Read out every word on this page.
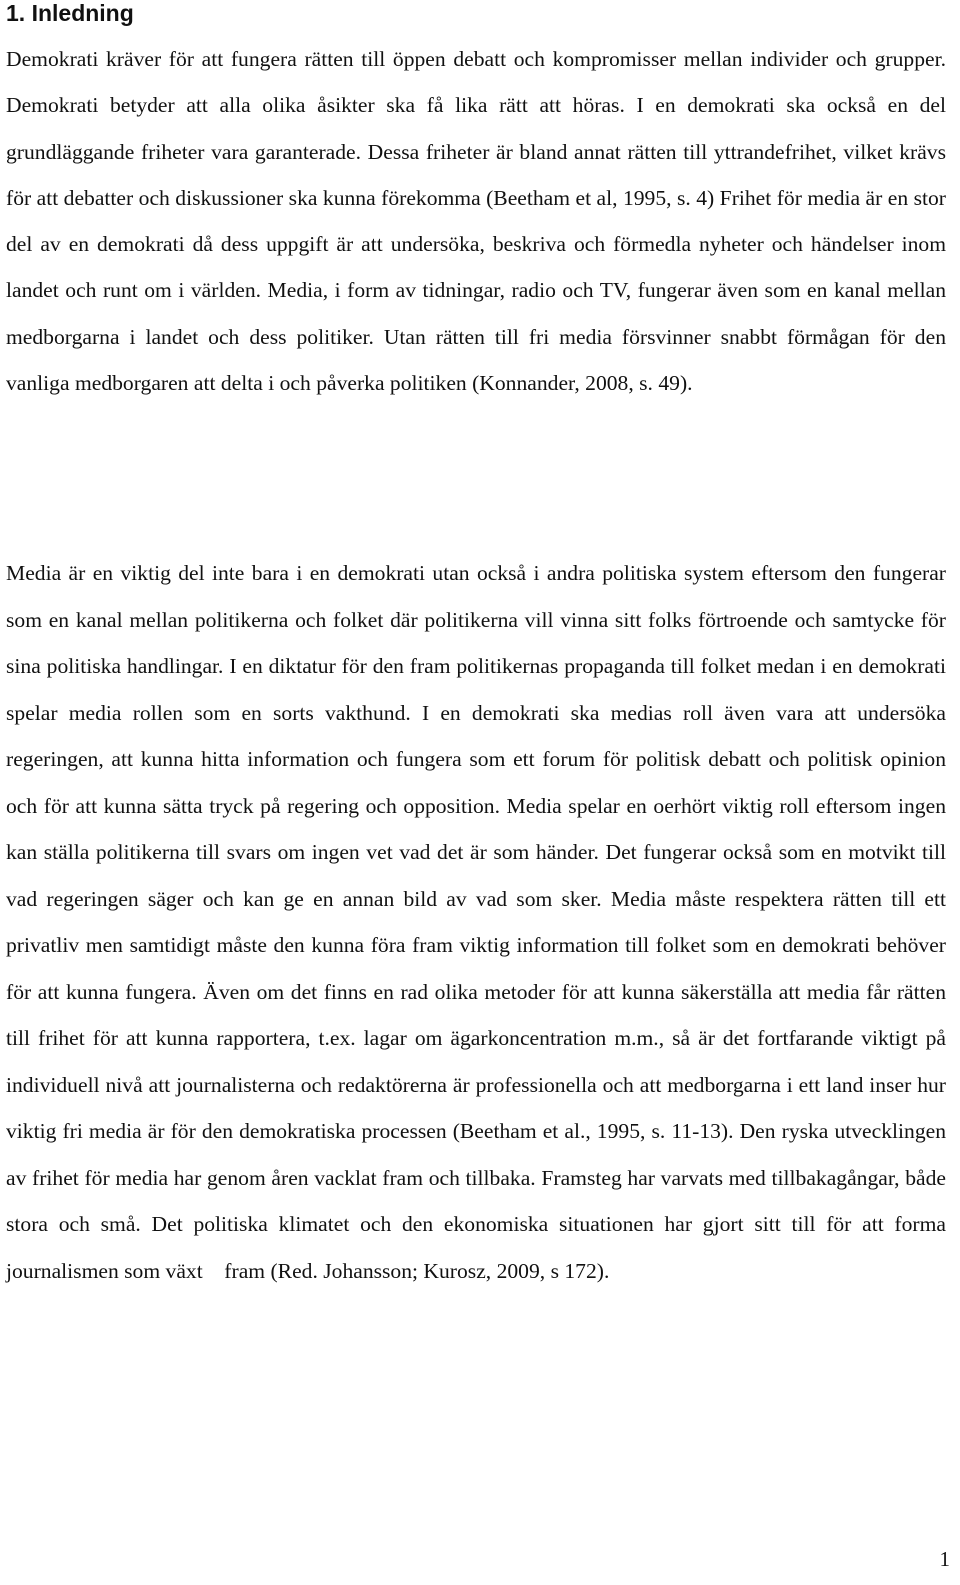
1. Inledning

Demokrati kräver för att fungera rätten till öppen debatt och kompromisser mellan individer och grupper. Demokrati betyder att alla olika åsikter ska få lika rätt att höras. I en demokrati ska också en del grundläggande friheter vara garanterade. Dessa friheter är bland annat rätten till yttrandefrihet, vilket krävs för att debatter och diskussioner ska kunna förekomma (Beetham et al, 1995, s. 4) Frihet för media är en stor del av en demokrati då dess uppgift är att undersöka, beskriva och förmedla nyheter och händelser inom landet och runt om i världen. Media, i form av tidningar, radio och TV, fungerar även som en kanal mellan medborgarna i landet och dess politiker. Utan rätten till fri media försvinner snabbt förmågan för den vanliga medborgaren att delta i och påverka politiken (Konnander, 2008, s. 49).

Media är en viktig del inte bara i en demokrati utan också i andra politiska system eftersom den fungerar som en kanal mellan politikerna och folket där politikerna vill vinna sitt folks förtroende och samtycke för sina politiska handlingar. I en diktatur för den fram politikernas propaganda till folket medan i en demokrati spelar media rollen som en sorts vakthund. I en demokrati ska medias roll även vara att undersöka regeringen, att kunna hitta information och fungera som ett forum för politisk debatt och politisk opinion och för att kunna sätta tryck på regering och opposition. Media spelar en oerhört viktig roll eftersom ingen kan ställa politikerna till svars om ingen vet vad det är som händer. Det fungerar också som en motvikt till vad regeringen säger och kan ge en annan bild av vad som sker. Media måste respektera rätten till ett privatliv men samtidigt måste den kunna föra fram viktig information till folket som en demokrati behöver för att kunna fungera. Även om det finns en rad olika metoder för att kunna säkerställa att media får rätten till frihet för att kunna rapportera, t.ex. lagar om ägarkoncentration m.m., så är det fortfarande viktigt på individuell nivå att journalisterna och redaktörerna är professionella och att medborgarna i ett land inser hur viktig fri media är för den demokratiska processen (Beetham et al., 1995, s. 11-13). Den ryska utvecklingen av frihet för media har genom åren vacklat fram och tillbaka. Framsteg har varvats med tillbakagångar, både stora och små. Det politiska klimatet och den ekonomiska situationen har gjort sitt till för att forma journalismen som växt    fram (Red. Johansson; Kurosz, 2009, s 172).

1
